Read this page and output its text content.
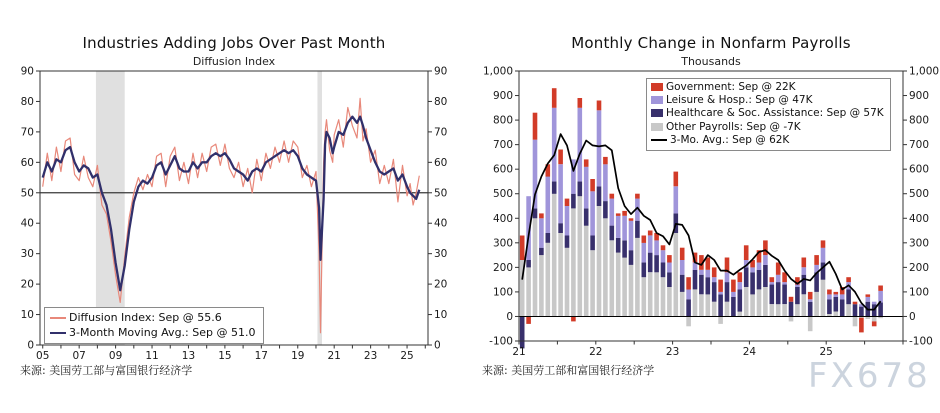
0	0
10	10
20	20
30	30
40	40
50	50
60	60
70	70
80	80
90	90
05 07 09 11 13 15 17 19 21 23 25
-100	-100
0	0
100	100
200	200
300	300
400	400
500	500
600	600
700	700
800	800
900	900
1,000	1,000
21	22	23	24	25
Industries Adding Jobs Over Past Month
Diffusion Index
Monthly Change in Nonfarm Payrolls
Thousands
Diffusion Index: Sep @ 55.6
3-Month Moving Avg.: Sep @ 51.0
Government: Sep @ 22K
Leisure & Hosp.: Sep @ 47K
Healthcare & Soc. Assistance: Sep @ 57K
Other Payrolls: Sep @ -7K
3-Mo. Avg.: Sep @ 62K
来源: 美国劳工部与富国银行经济学	来源: 美国劳工部和富国银行经济学	FX678
